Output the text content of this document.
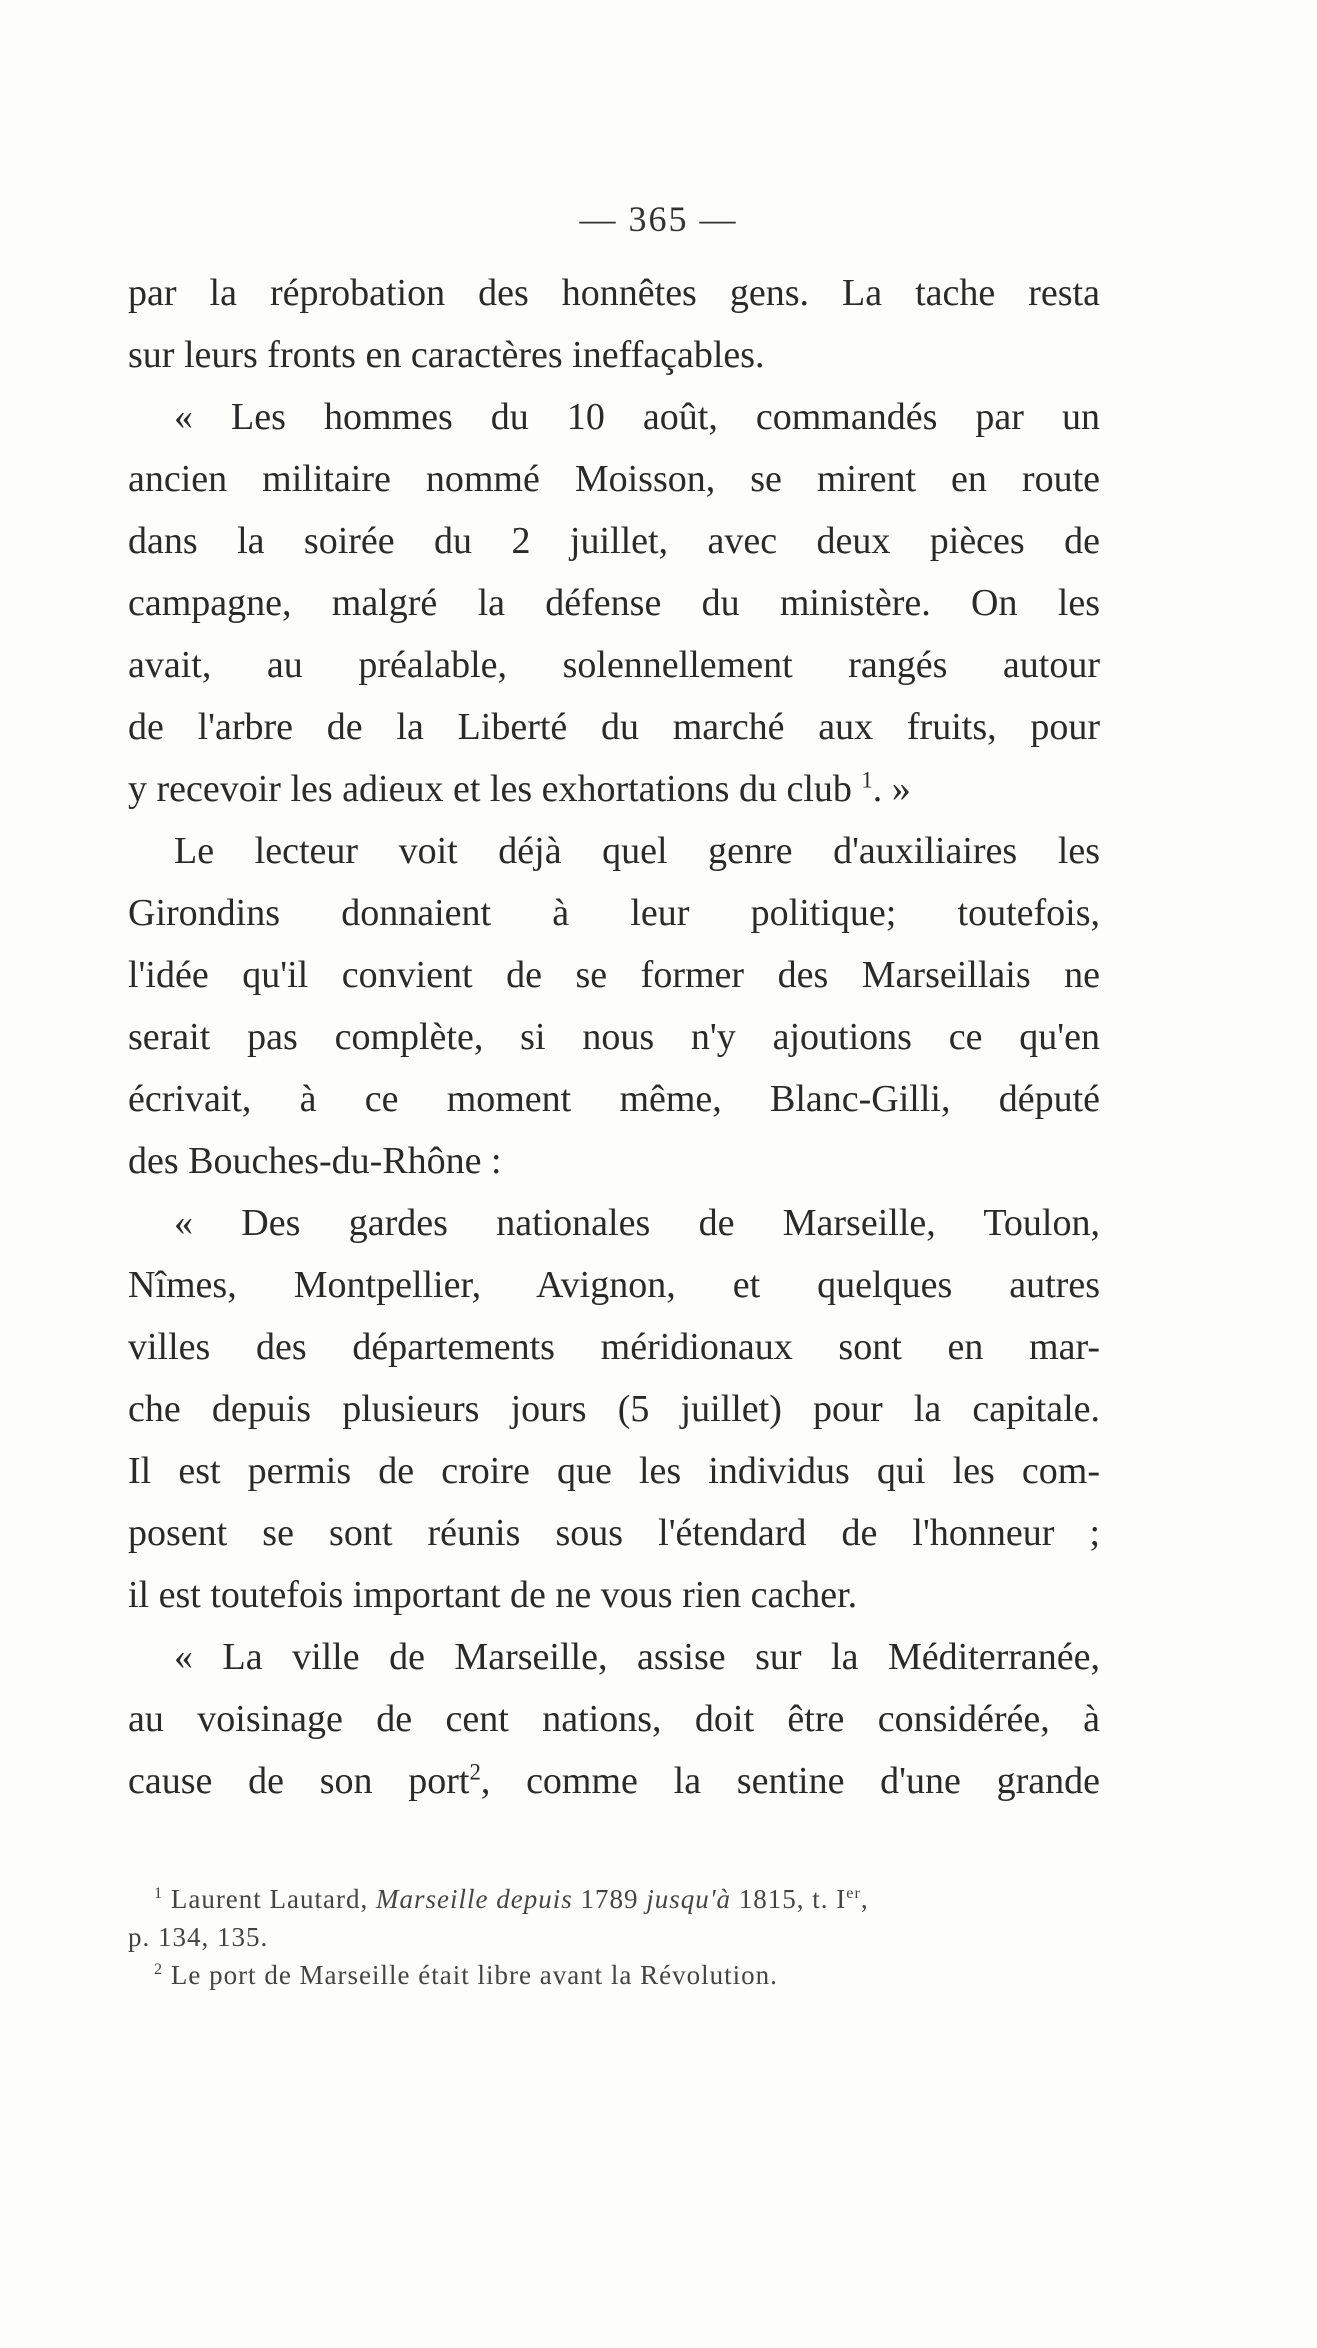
— 365 —
par la réprobation des honnêtes gens. La tache resta
sur leurs fronts en caractères ineffaçables.
« Les hommes du 10 août, commandés par un
ancien militaire nommé Moisson, se mirent en route
dans la soirée du 2 juillet, avec deux pièces de
campagne, malgré la défense du ministère. On les
avait, au préalable, solennellement rangés autour
de l'arbre de la Liberté du marché aux fruits, pour
y recevoir les adieux et les exhortations du club $^1$. »
Le lecteur voit déjà quel genre d'auxiliaires les
Girondins donnaient à leur politique; toutefois,
l'idée qu'il convient de se former des Marseillais ne
serait pas complète, si nous n'y ajoutions ce qu'en
écrivait, à ce moment même, Blanc-Gilli, député
des Bouches-du-Rhône :
« Des gardes nationales de Marseille, Toulon,
Nîmes, Montpellier, Avignon, et quelques autres
villes des départements méridionaux sont en mar-
che depuis plusieurs jours (5 juillet) pour la capitale.
Il est permis de croire que les individus qui les com-
posent se sont réunis sous l'étendard de l'honneur ;
il est toutefois important de ne vous rien cacher.
« La ville de Marseille, assise sur la Méditerranée,
au voisinage de cent nations, doit être considérée, à
cause de son port$^2$, comme la sentine d'une grande
$^1$ Laurent Lautard, Marseille depuis 1789 jusqu'à 1815, t. Ier,
p. 134, 135.
$^2$ Le port de Marseille était libre avant la Révolution.
